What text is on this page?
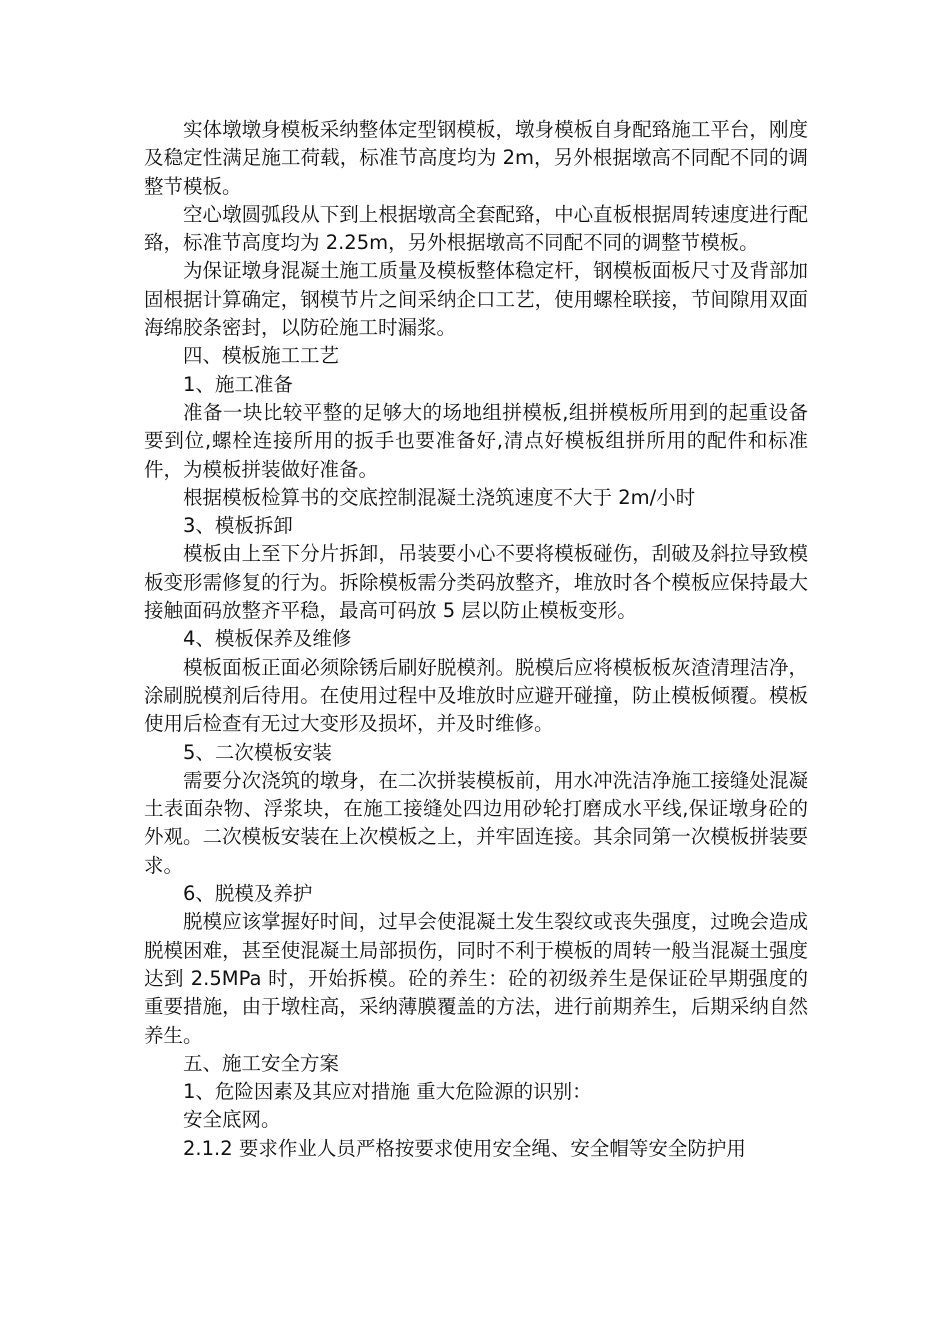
实体墩墩身模板采纳整体定型钢模板，墩身模板自身配臵施工平台，刚度及稳定性满足施工荷载，标准节高度均为 2m，另外根据墩高不同配不同的调整节模板。

空心墩圆弧段从下到上根据墩高全套配臵，中心直板根据周转速度进行配臵，标准节高度均为 2.25m，另外根据墩高不同配不同的调整节模板。

为保证墩身混凝土施工质量及模板整体稳定杆，钢模板面板尺寸及背部加固根据计算确定，钢模节片之间采纳企口工艺，使用螺栓联接，节间隙用双面海绵胶条密封，以防砼施工时漏浆。

四、模板施工工艺

1、施工准备

准备一块比较平整的足够大的场地组拼模板,组拼模板所用到的起重设备要到位,螺栓连接所用的扳手也要准备好,清点好模板组拼所用的配件和标准件，为模板拼装做好准备。

根据模板检算书的交底控制混凝土浇筑速度不大于 2m/小时

3、模板拆卸

模板由上至下分片拆卸，吊装要小心不要将模板碰伤，刮破及斜拉导致模板变形需修复的行为。拆除模板需分类码放整齐，堆放时各个模板应保持最大接触面码放整齐平稳，最高可码放 5 层以防止模板变形。

4、模板保养及维修

模板面板正面必须除锈后刷好脱模剂。脱模后应将模板板灰渣清理洁净，涂刷脱模剂后待用。在使用过程中及堆放时应避开碰撞，防止模板倾覆。模板使用后检查有无过大变形及损坏，并及时维修。

5、二次模板安装

需要分次浇筑的墩身，在二次拼装模板前，用水冲洗洁净施工接缝处混凝土表面杂物、浮浆块，在施工接缝处四边用砂轮打磨成水平线,保证墩身砼的外观。二次模板安装在上次模板之上，并牢固连接。其余同第一次模板拼装要求。

6、脱模及养护

脱模应该掌握好时间，过早会使混凝土发生裂纹或丧失强度，过晚会造成脱模困难，甚至使混凝土局部损伤，同时不利于模板的周转一般当混凝土强度达到 2.5MPa 时，开始拆模。砼的养生：砼的初级养生是保证砼早期强度的重要措施，由于墩柱高，采纳薄膜覆盖的方法，进行前期养生，后期采纳自然养生。

五、施工安全方案

1、危险因素及其应对措施 重大危险源的识别：

安全底网。

2.1.2 要求作业人员严格按要求使用安全绳、安全帽等安全防护用
